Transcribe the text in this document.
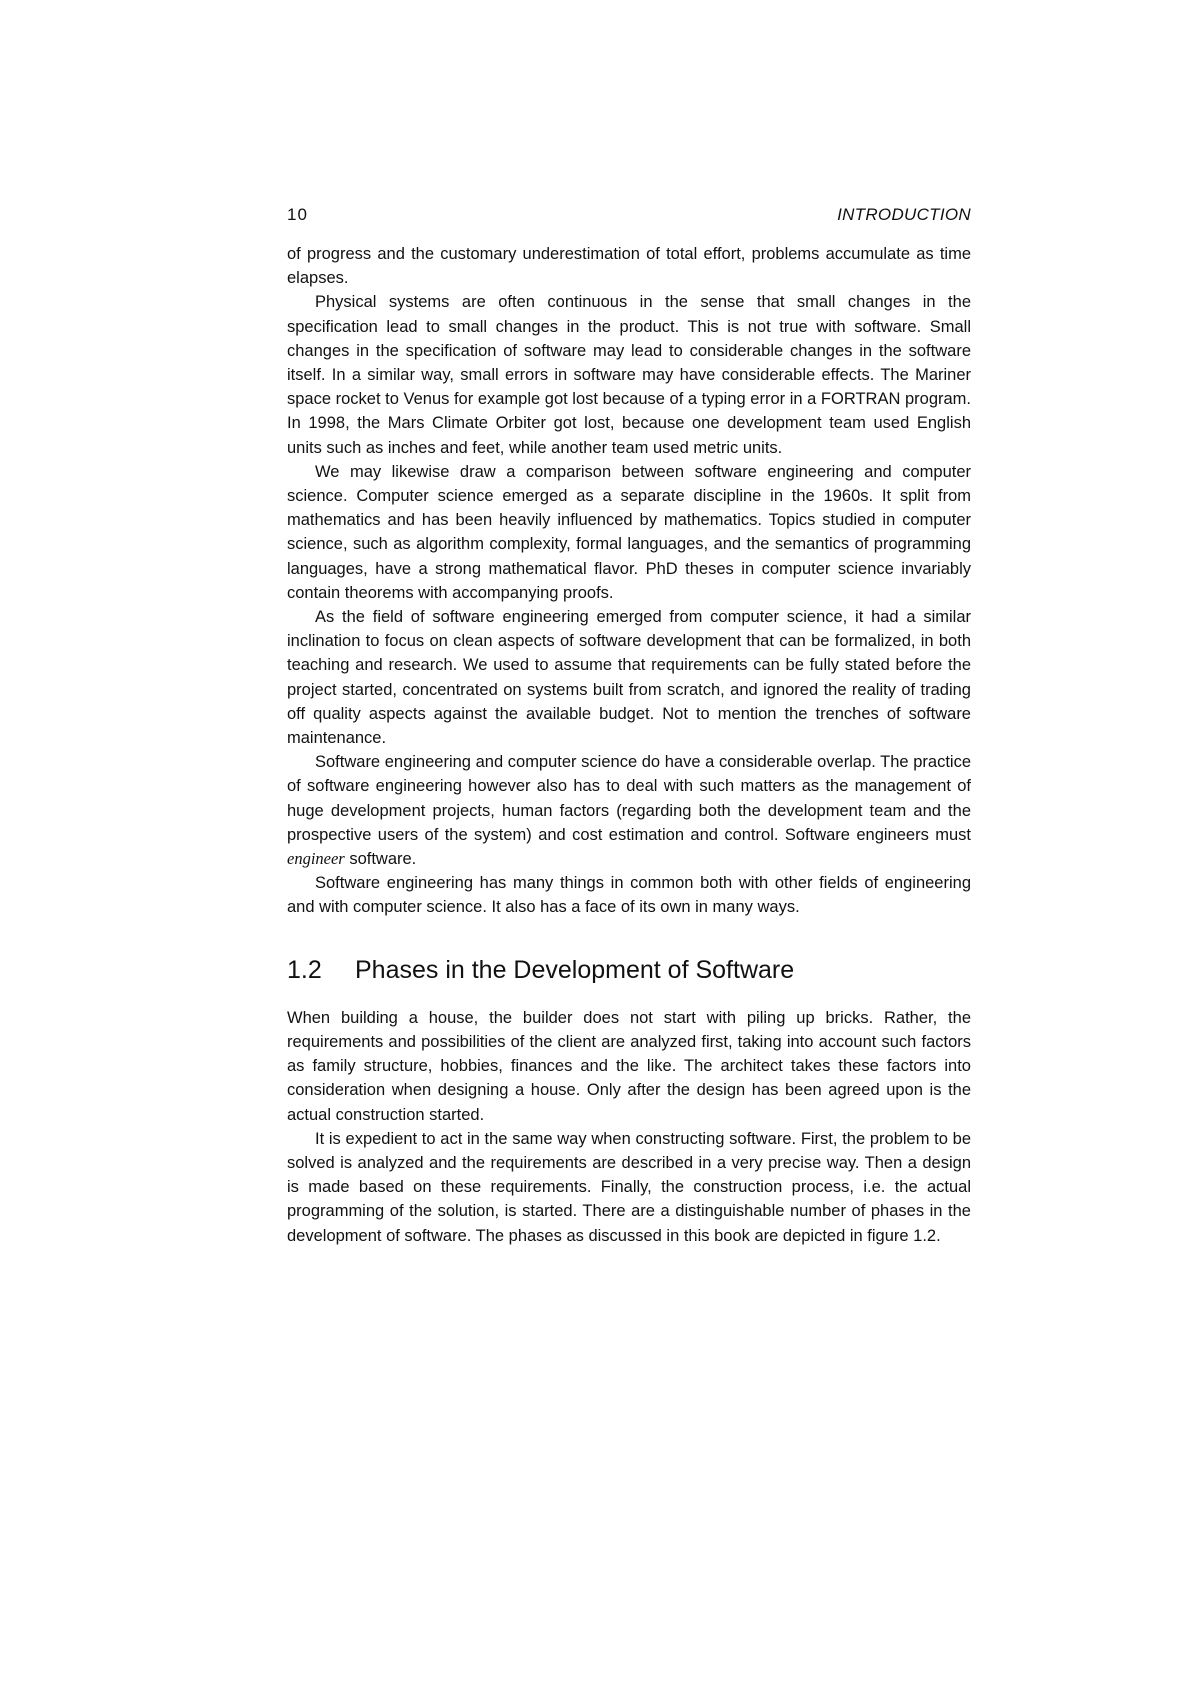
10	INTRODUCTION

of progress and the customary underestimation of total effort, problems accumulate as time elapses.

Physical systems are often continuous in the sense that small changes in the specification lead to small changes in the product. This is not true with software. Small changes in the specification of software may lead to considerable changes in the software itself. In a similar way, small errors in software may have considerable effects. The Mariner space rocket to Venus for example got lost because of a typing error in a FORTRAN program. In 1998, the Mars Climate Orbiter got lost, because one development team used English units such as inches and feet, while another team used metric units.

We may likewise draw a comparison between software engineering and computer science. Computer science emerged as a separate discipline in the 1960s. It split from mathematics and has been heavily influenced by mathematics. Topics studied in computer science, such as algorithm complexity, formal languages, and the semantics of programming languages, have a strong mathematical flavor. PhD theses in computer science invariably contain theorems with accompanying proofs.

As the field of software engineering emerged from computer science, it had a similar inclination to focus on clean aspects of software development that can be formalized, in both teaching and research. We used to assume that requirements can be fully stated before the project started, concentrated on systems built from scratch, and ignored the reality of trading off quality aspects against the available budget. Not to mention the trenches of software maintenance.

Software engineering and computer science do have a considerable overlap. The practice of software engineering however also has to deal with such matters as the management of huge development projects, human factors (regarding both the development team and the prospective users of the system) and cost estimation and control. Software engineers must engineer software.

Software engineering has many things in common both with other fields of engineering and with computer science. It also has a face of its own in many ways.

1.2 Phases in the Development of Software

When building a house, the builder does not start with piling up bricks. Rather, the requirements and possibilities of the client are analyzed first, taking into account such factors as family structure, hobbies, finances and the like. The architect takes these factors into consideration when designing a house. Only after the design has been agreed upon is the actual construction started.

It is expedient to act in the same way when constructing software. First, the problem to be solved is analyzed and the requirements are described in a very precise way. Then a design is made based on these requirements. Finally, the construction process, i.e. the actual programming of the solution, is started. There are a distinguishable number of phases in the development of software. The phases as discussed in this book are depicted in figure 1.2.
